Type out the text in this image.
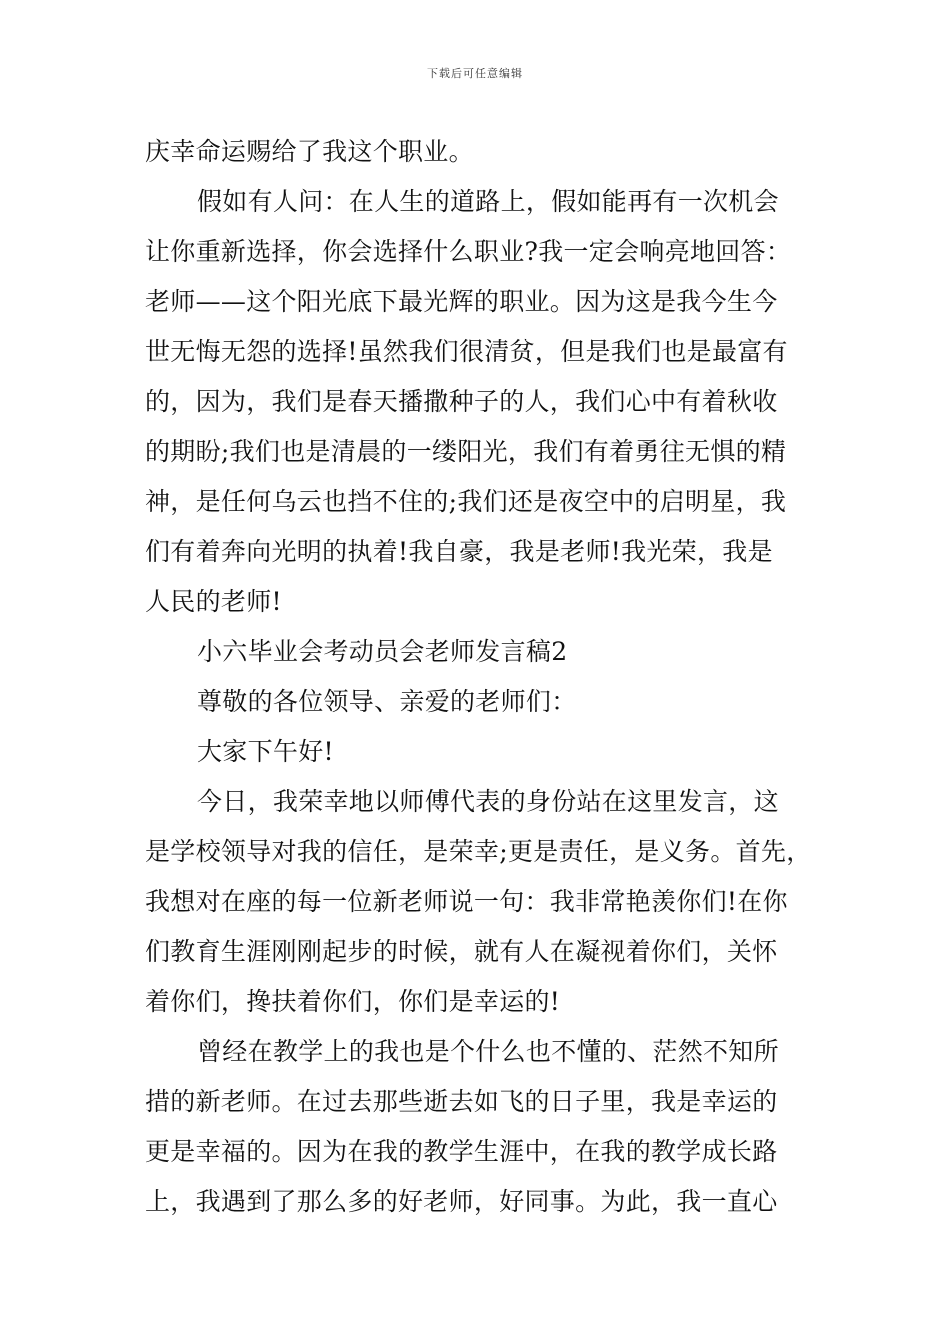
下载后可任意编辑
庆幸命运赐给了我这个职业。
假如有人问：在人生的道路上，假如能再有一次机会
让你重新选择，你会选择什么职业?我一定会响亮地回答：
老师——这个阳光底下最光辉的职业。因为这是我今生今
世无悔无怨的选择!虽然我们很清贫，但是我们也是最富有
的，因为，我们是春天播撒种子的人，我们心中有着秋收
的期盼;我们也是清晨的一缕阳光，我们有着勇往无惧的精
神，是任何乌云也挡不住的;我们还是夜空中的启明星，我
们有着奔向光明的执着!我自豪，我是老师!我光荣，我是
人民的老师!
小六毕业会考动员会老师发言稿2
尊敬的各位领导、亲爱的老师们：
大家下午好!
今日，我荣幸地以师傅代表的身份站在这里发言，这
是学校领导对我的信任，是荣幸;更是责任，是义务。首先，
我想对在座的每一位新老师说一句：我非常艳羡你们!在你
们教育生涯刚刚起步的时候，就有人在凝视着你们，关怀
着你们，搀扶着你们，你们是幸运的!
曾经在教学上的我也是个什么也不懂的、茫然不知所
措的新老师。在过去那些逝去如飞的日子里，我是幸运的
更是幸福的。因为在我的教学生涯中，在我的教学成长路
上，我遇到了那么多的好老师，好同事。为此，我一直心
